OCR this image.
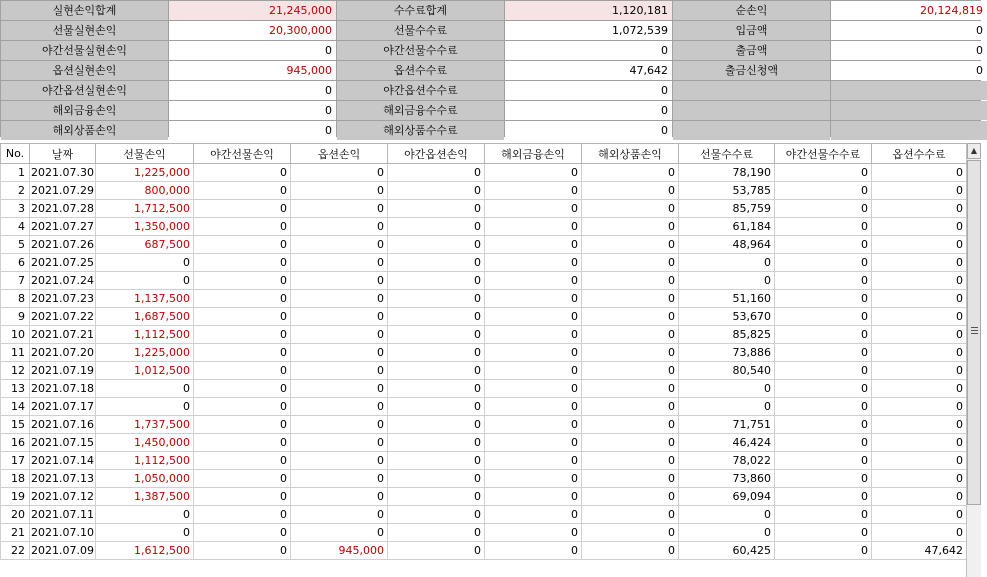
실현손익합계	21,245,000	수수료합계	1,120,181	순손익	20,124,819
선물실현손익	20,300,000	선물수수료	1,072,539	입금액	0
야간선물실현손익	0	야간선물수수료	0	출금액	0
옵션실현손익	945,000	옵션수수료	47,642	출금신청액	0
야간옵션실현손익	0	야간옵션수수료	0
해외금융손익	0	해외금융수수료	0
해외상품손익	0	해외상품수수료	0
No.	날짜	선물손익	야간선물손익	옵션손익	야간옵션손익	해외금융손익	해외상품손익	선물수수료	야간선물수수료	옵션수수료
1	2021.07.30	1,225,000	0	0	0	0	0	78,190	0	0
2	2021.07.29	800,000	0	0	0	0	0	53,785	0	0
3	2021.07.28	1,712,500	0	0	0	0	0	85,759	0	0
4	2021.07.27	1,350,000	0	0	0	0	0	61,184	0	0
5	2021.07.26	687,500	0	0	0	0	0	48,964	0	0
6	2021.07.25	0	0	0	0	0	0	0	0	0
7	2021.07.24	0	0	0	0	0	0	0	0	0
8	2021.07.23	1,137,500	0	0	0	0	0	51,160	0	0
9	2021.07.22	1,687,500	0	0	0	0	0	53,670	0	0
10	2021.07.21	1,112,500	0	0	0	0	0	85,825	0	0
11	2021.07.20	1,225,000	0	0	0	0	0	73,886	0	0
12	2021.07.19	1,012,500	0	0	0	0	0	80,540	0	0
13	2021.07.18	0	0	0	0	0	0	0	0	0
14	2021.07.17	0	0	0	0	0	0	0	0	0
15	2021.07.16	1,737,500	0	0	0	0	0	71,751	0	0
16	2021.07.15	1,450,000	0	0	0	0	0	46,424	0	0
17	2021.07.14	1,112,500	0	0	0	0	0	78,022	0	0
18	2021.07.13	1,050,000	0	0	0	0	0	73,860	0	0
19	2021.07.12	1,387,500	0	0	0	0	0	69,094	0	0
20	2021.07.11	0	0	0	0	0	0	0	0	0
21	2021.07.10	0	0	0	0	0	0	0	0	0
22	2021.07.09	1,612,500	0	945,000	0	0	0	60,425	0	47,642
▲
